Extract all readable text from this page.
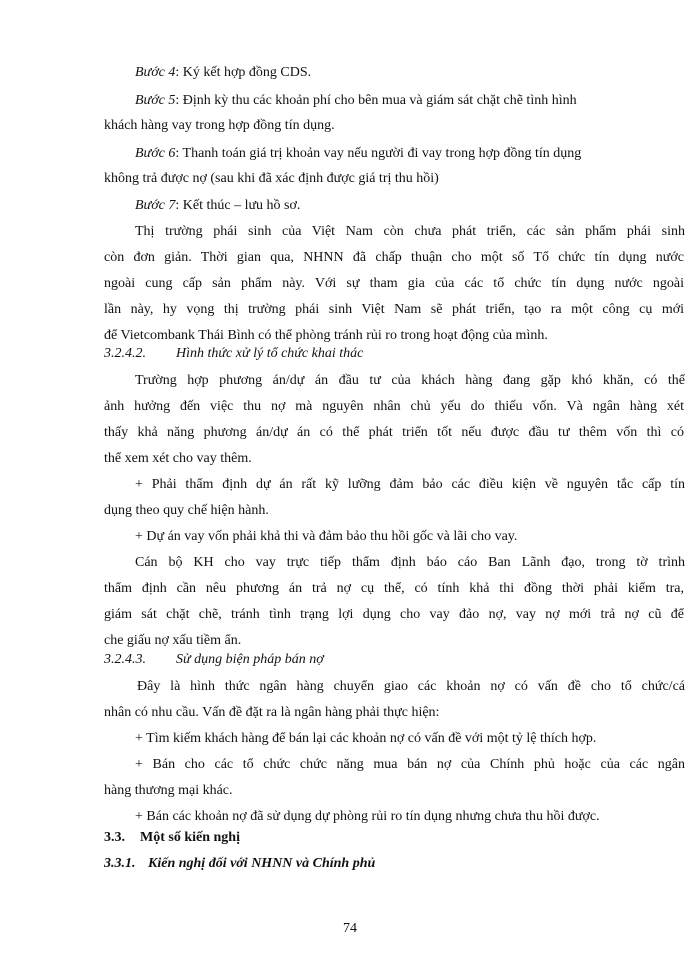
Bước 4: Ký kết hợp đồng CDS.
Bước 5: Định kỳ thu các khoản phí cho bên mua và giám sát chặt chẽ tình hình
khách hàng vay trong hợp đồng tín dụng.
Bước 6: Thanh toán giá trị khoản vay nếu người đi vay trong hợp đồng tín dụng
không trả được nợ (sau khi đã xác định được giá trị thu hồi)
Bước 7: Kết thúc – lưu hồ sơ.
Thị trường phái sinh của Việt Nam còn chưa phát triển, các sản phẩm phái sinh
còn đơn giản. Thời gian qua, NHNN đã chấp thuận cho một số Tổ chức tín dụng nước
ngoài cung cấp sản phẩm này. Với sự tham gia của các tổ chức tín dụng nước ngoài
lần này, hy vọng thị trường phái sinh Việt Nam sẽ phát triển, tạo ra một công cụ mới
để Vietcombank Thái Bình có thể phòng tránh rủi ro trong hoạt động của mình.
3.2.4.2. Hình thức xử lý tổ chức khai thác
Trường hợp phương án/dự án đầu tư của khách hàng đang gặp khó khăn, có thể
ảnh hưởng đến việc thu nợ mà nguyên nhân chủ yếu do thiếu vốn. Và ngân hàng xét
thấy khả năng phương án/dự án có thể phát triển tốt nếu được đầu tư thêm vốn thì có
thể xem xét cho vay thêm.
+ Phải thẩm định dự án rất kỹ lưỡng đảm bảo các điều kiện về nguyên tắc cấp tín
dụng theo quy chế hiện hành.
+ Dự án vay vốn phải khả thi và đảm bảo thu hồi gốc và lãi cho vay.
Cán bộ KH cho vay trực tiếp thẩm định báo cáo Ban Lãnh đạo, trong tờ trình
thẩm định cần nêu phương án trả nợ cụ thể, có tính khả thi đồng thời phải kiểm tra,
giám sát chặt chẽ, tránh tình trạng lợi dụng cho vay đảo nợ, vay nợ mới trả nợ cũ để
che giấu nợ xấu tiềm ẩn.
3.2.4.3. Sử dụng biện pháp bán nợ
Đây là hình thức ngân hàng chuyển giao các khoản nợ có vấn đề cho tổ chức/cá
nhân có nhu cầu. Vấn đề đặt ra là ngân hàng phải thực hiện:
+ Tìm kiếm khách hàng để bán lại các khoản nợ có vấn đề với một tỷ lệ thích hợp.
+ Bán cho các tổ chức chức năng mua bán nợ của Chính phủ hoặc của các ngân
hàng thương mại khác.
+ Bán các khoản nợ đã sử dụng dự phòng rủi ro tín dụng nhưng chưa thu hồi được.
3.3. Một số kiến nghị
3.3.1. Kiến nghị đối với NHNN và Chính phủ
74
